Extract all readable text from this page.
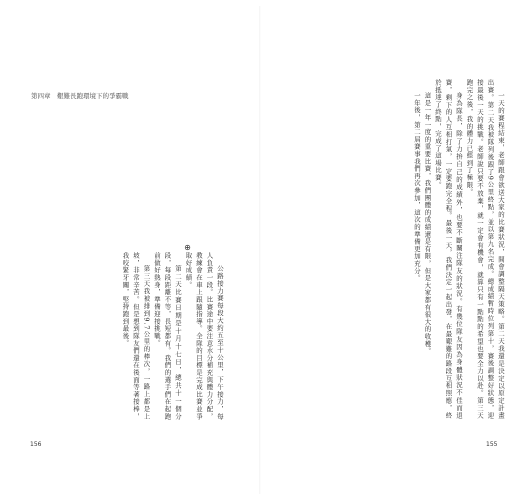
第四章　艱難長跑環境下的爭霸戰
⊕

公路接力賽每段大約五至十公里，下午接力，每人負責一段。比賽途中要注意水分補充與體力分配，教練會在車上跟隨指導。全隊的目標是完成比賽並爭取好成績。

第二天比賽日期是十月十七日，總共十一個分段，每段距離不等，長短都有。我們的選手們在起跑前做好熱身，準備迎接挑戰。

第三天我被排到9.7公里的棒次，一路上都是上坡，非常辛苦。但是想到隊友們還在後面等著接棒，我咬緊牙關，堅持跑到最後。

156

一天的賽程結束，老師跟會欲送大家的比賽狀況，開會調整隔天策略。第二天我還是決定以原定計畫出賽。第二天我被隊列後跟了9公里終點，並以第九名完成。總成績暫時位列第十，賽後調整好狀態，迎接最後一天的挑戰。老師說只要不放棄，就一定會有機會，就算只有一點點的希望也要全力以赴。第三天跑完之後，我的體力已經到了極限。

身為隊長，除了力拚自己的成績外，也要不斷關注隊友的狀況。有幾位隊友因為身體狀況不佳而退賽，剩下的人互相打氣，一定要跑完全程。最後一天，我們決定一起出發，在最艱難的路段互相照應，終於抵達了終點，完成了這場比賽。

這是一年一度的重要比賽，我們團體的成績還是有限，但是大家都有很大的收穫。

一年後，第二屆賽事我們再次參加，這次的準備更加充分。

155
